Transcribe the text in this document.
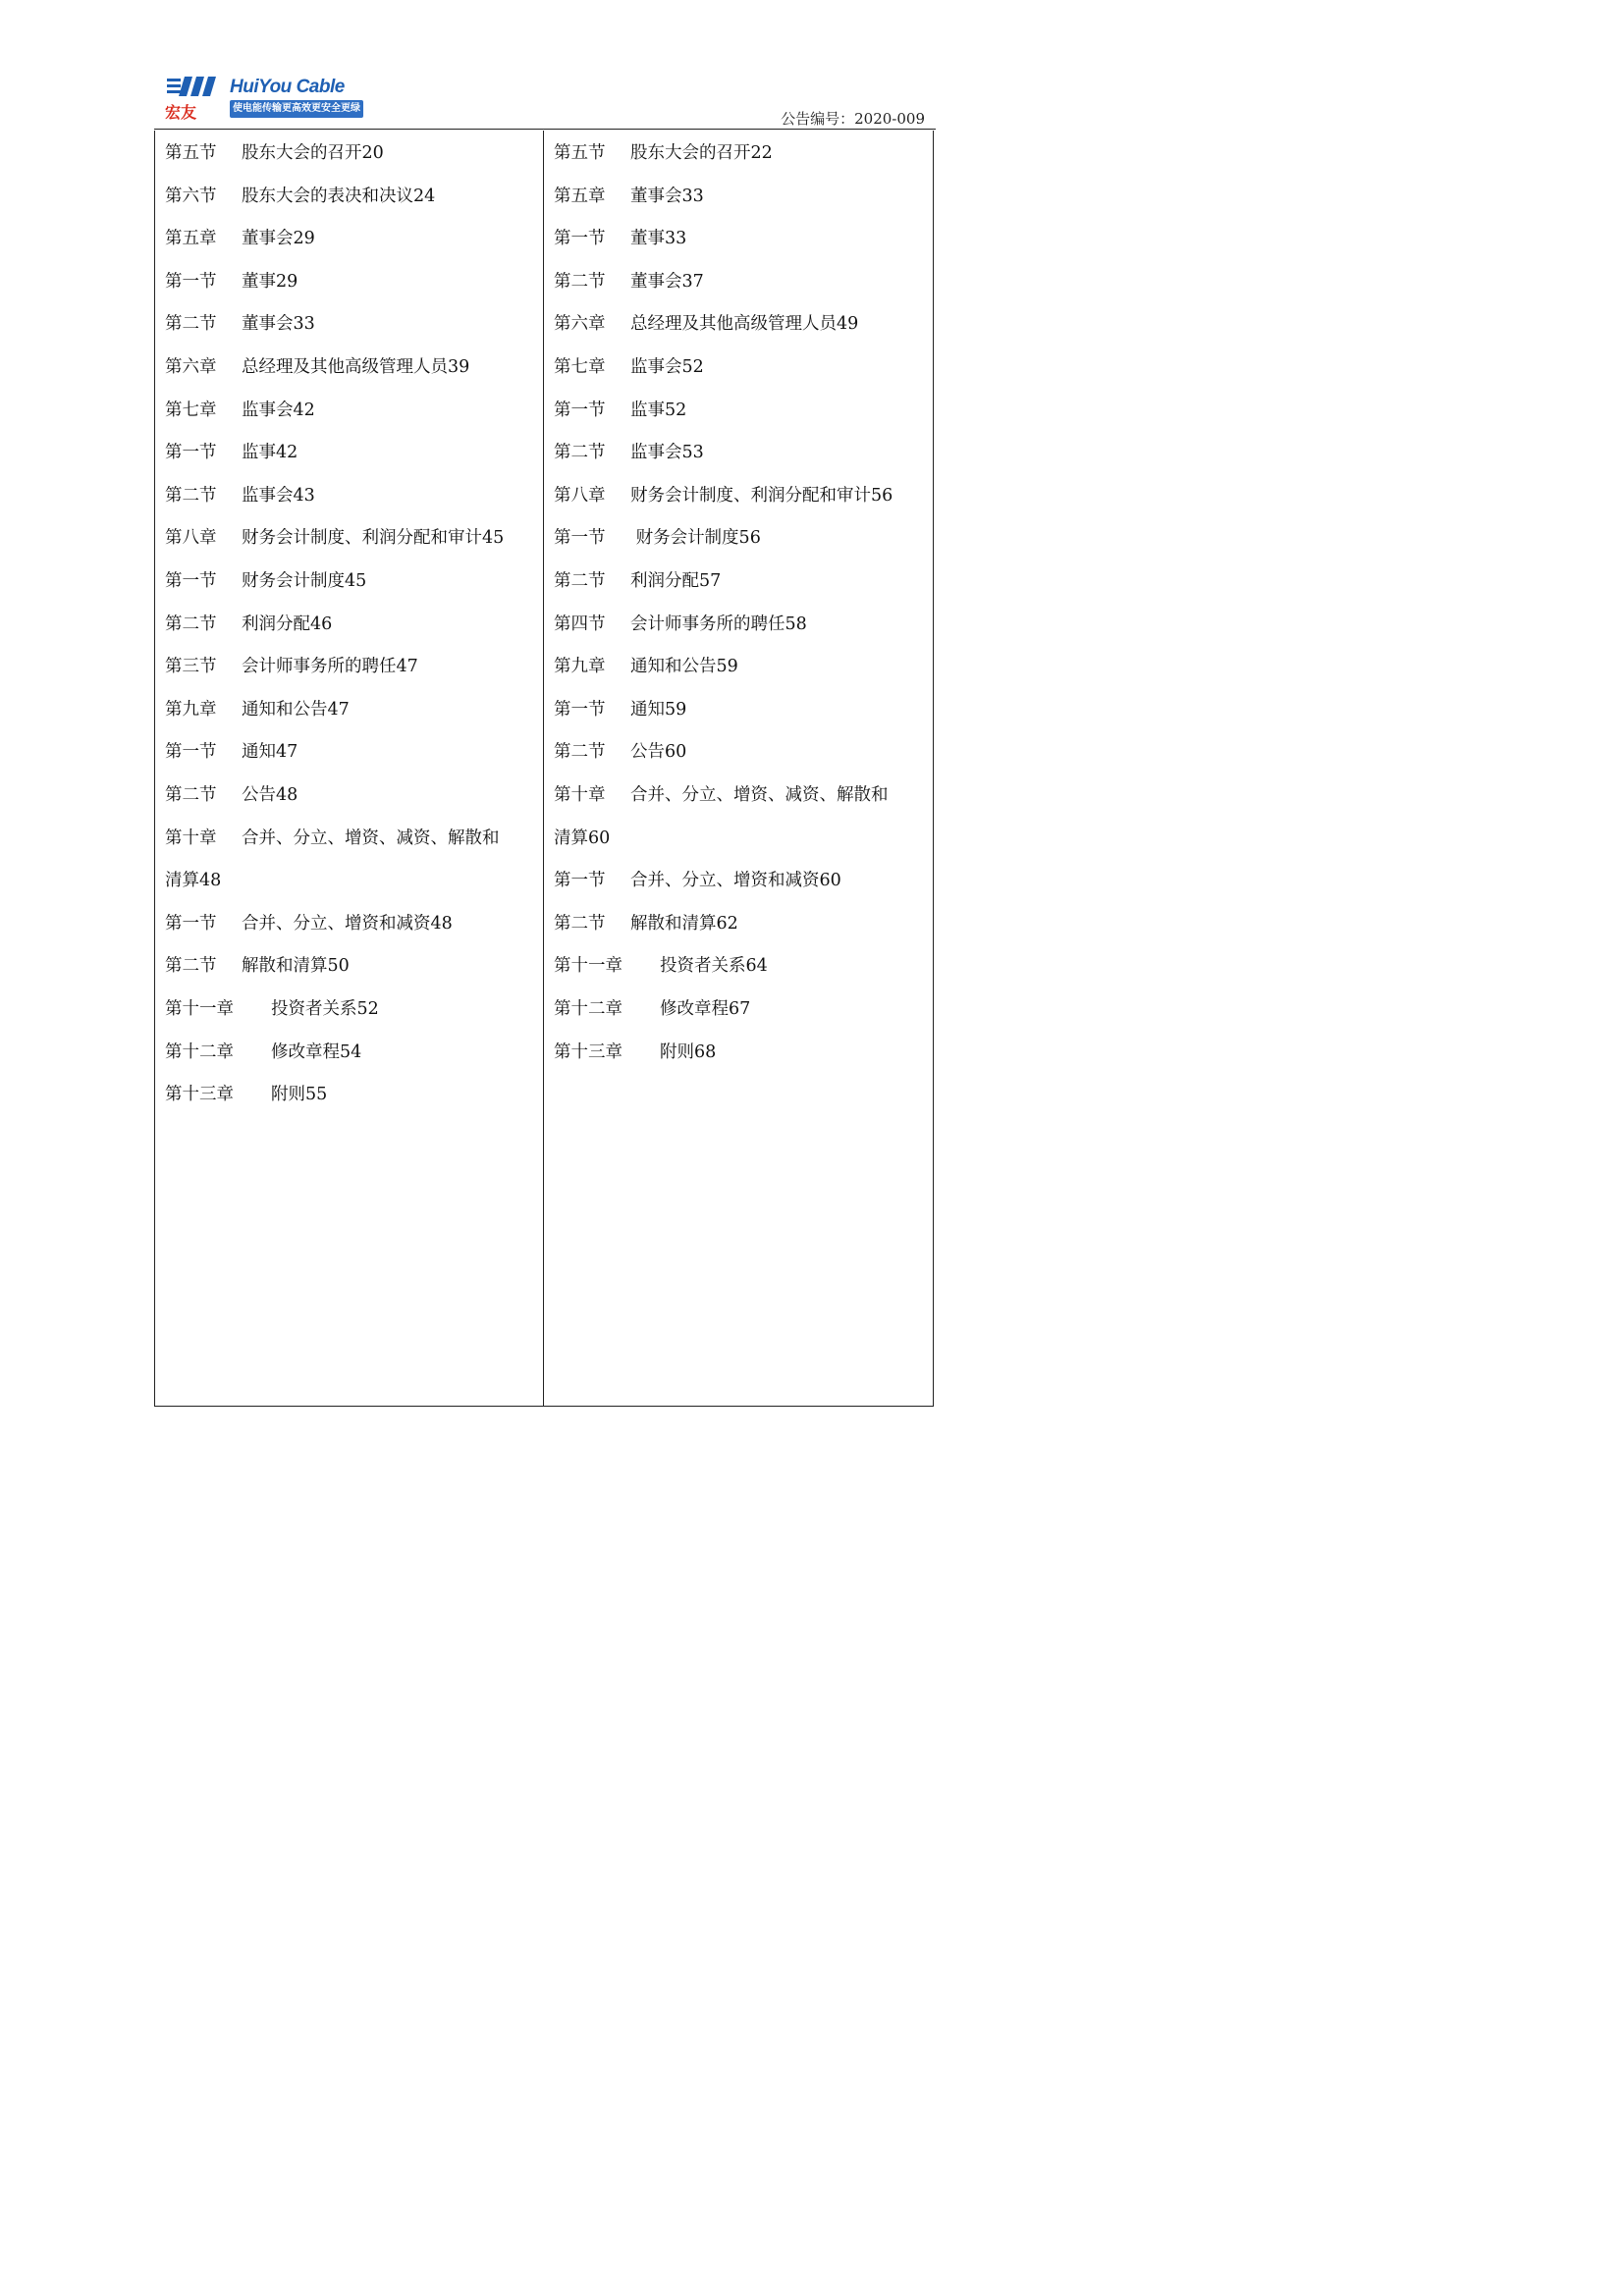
宏友
HuiYou Cable
使电能传输更高效更安全更绿色	公告编号：2020-009
第五节 股东大会的召开20
第六节 股东大会的表决和决议24
第五章 董事会29
第一节 董事29
第二节 董事会33
第六章 总经理及其他高级管理人员39
第七章 监事会42
第一节 监事42
第二节 监事会43
第八章 财务会计制度、利润分配和审计45
第一节 财务会计制度45
第二节 利润分配46
第三节 会计师事务所的聘任47
第九章 通知和公告47
第一节 通知47
第二节 公告48
第十章 合并、分立、增资、减资、解散和
清算48
第一节 合并、分立、增资和减资48
第二节 解散和清算50
第十一章 投资者关系52
第十二章 修改章程54
第十三章 附则55
第五节 股东大会的召开22
第五章 董事会33
第一节 董事33
第二节 董事会37
第六章 总经理及其他高级管理人员49
第七章 监事会52
第一节 监事52
第二节 监事会53
第八章 财务会计制度、利润分配和审计56
第一节 财务会计制度56
第二节 利润分配57
第四节 会计师事务所的聘任58
第九章 通知和公告59
第一节 通知59
第二节 公告60
第十章 合并、分立、增资、减资、解散和
清算60
第一节 合并、分立、增资和减资60
第二节 解散和清算62
第十一章 投资者关系64
第十二章 修改章程67
第十三章 附则68
